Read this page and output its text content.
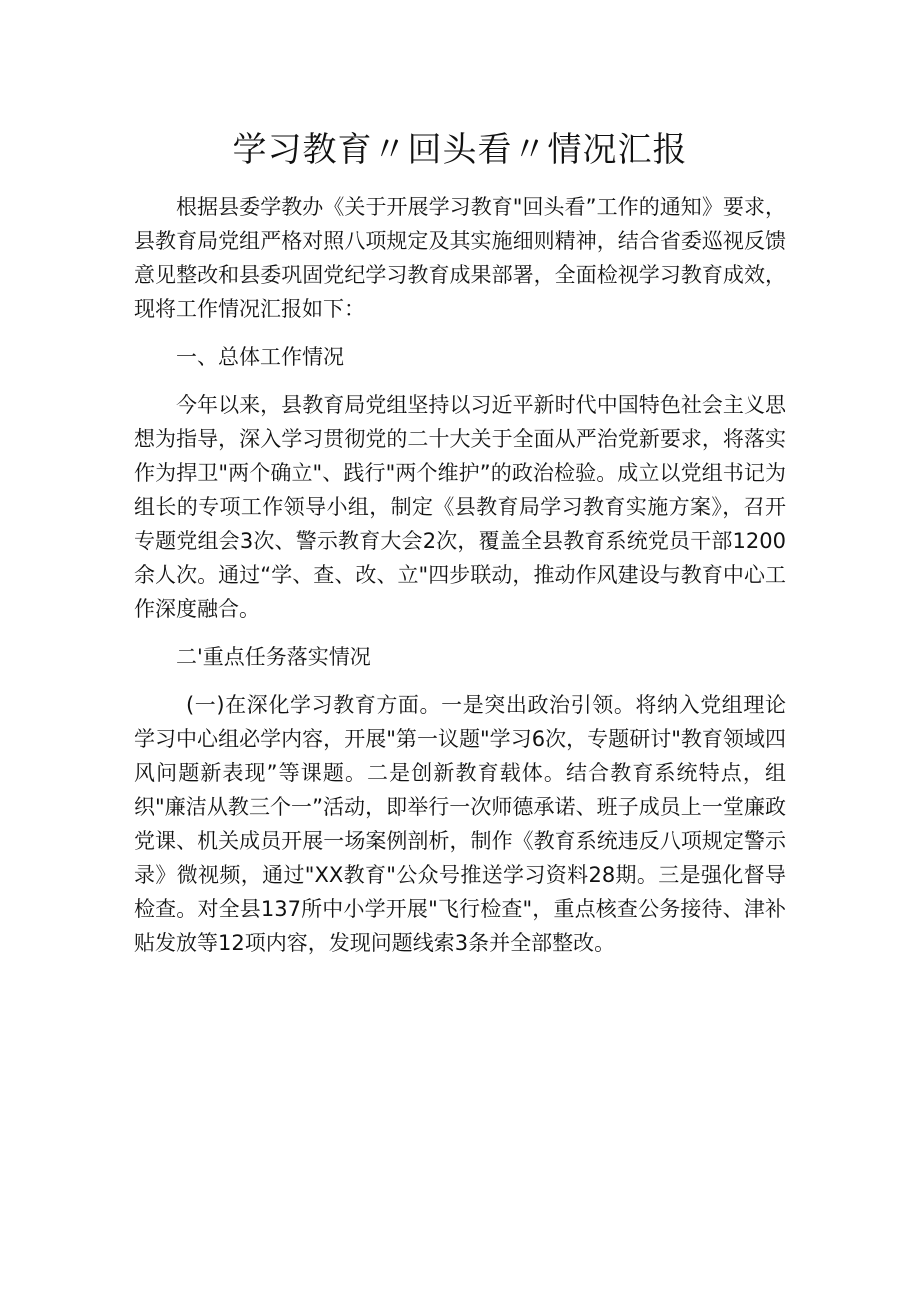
学习教育〃回头看〃情况汇报

根据县委学教办《关于开展学习教育"回头看”工作的通知》要求，县教育局党组严格对照八项规定及其实施细则精神，结合省委巡视反馈意见整改和县委巩固党纪学习教育成果部署，全面检视学习教育成效，现将工作情况汇报如下：

一、总体工作情况

今年以来，县教育局党组坚持以习近平新时代中国特色社会主义思想为指导，深入学习贯彻党的二十大关于全面从严治党新要求，将落实作为捍卫"两个确立"、践行"两个维护”的政治检验。成立以党组书记为组长的专项工作领导小组，制定《县教育局学习教育实施方案》，召开专题党组会3次、警示教育大会2次，覆盖全县教育系统党员干部1200余人次。通过“学、查、改、立"四步联动，推动作风建设与教育中心工作深度融合。

二'重点任务落实情况

(一)在深化学习教育方面。一是突出政治引领。将纳入党组理论学习中心组必学内容，开展"第一议题"学习6次，专题研讨"教育领域四风问题新表现”等课题。二是创新教育载体。结合教育系统特点，组织"廉洁从教三个一”活动，即举行一次师德承诺、班子成员上一堂廉政党课、机关成员开展一场案例剖析，制作《教育系统违反八项规定警示录》微视频，通过"XX教育"公众号推送学习资料28期。三是强化督导检查。对全县137所中小学开展"飞行检查"，重点核查公务接待、津补贴发放等12项内容，发现问题线索3条并全部整改。
